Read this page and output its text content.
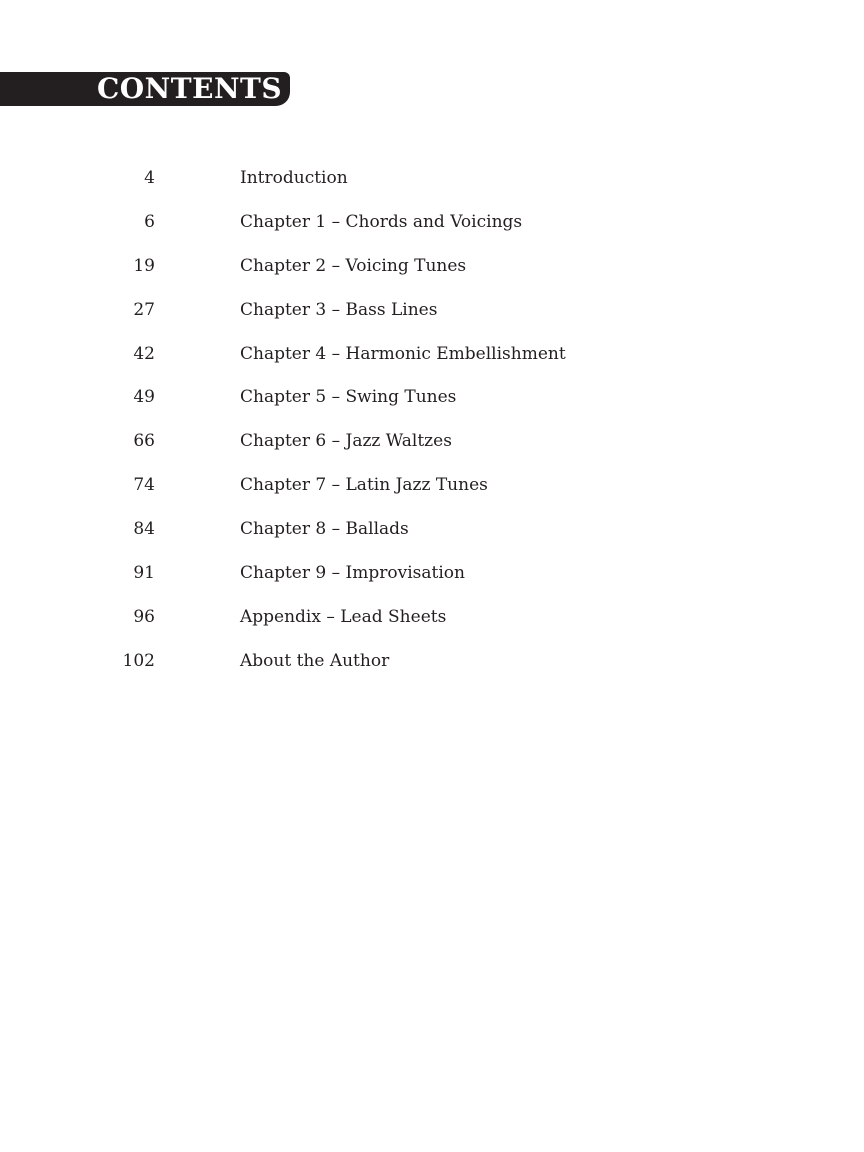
CONTENTS
4	Introduction
6	Chapter 1 – Chords and Voicings
19	Chapter 2 – Voicing Tunes
27	Chapter 3 – Bass Lines
42	Chapter 4 – Harmonic Embellishment
49	Chapter 5 – Swing Tunes
66	Chapter 6 – Jazz Waltzes
74	Chapter 7 – Latin Jazz Tunes
84	Chapter 8 – Ballads
91	Chapter 9 – Improvisation
96	Appendix – Lead Sheets
102	About the Author
